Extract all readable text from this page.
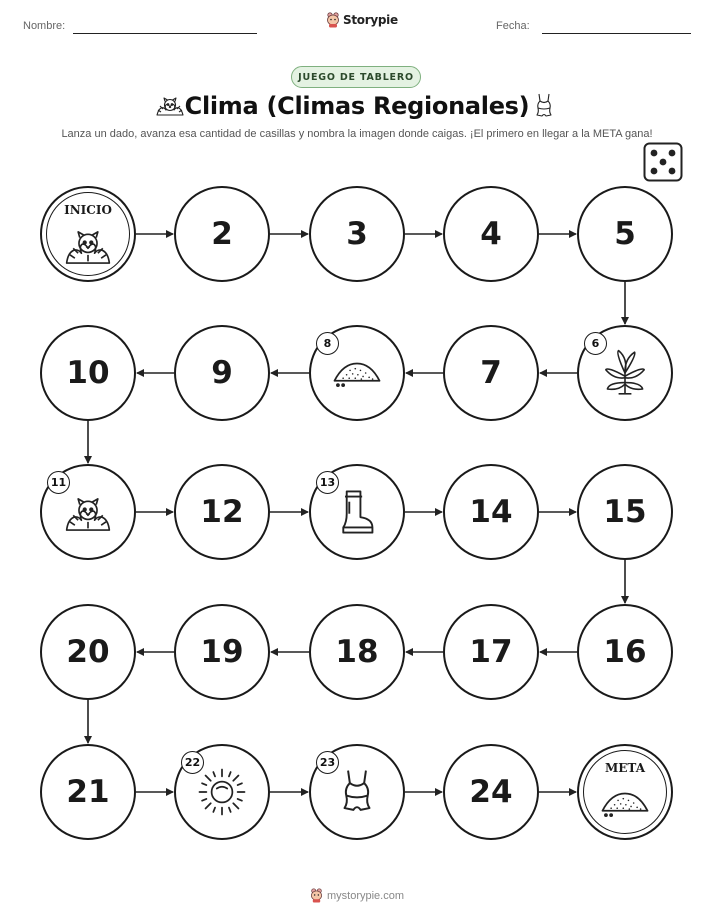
Nombre:	Storypie	Fecha:
JUEGO DE TABLERO
Clima (Climas Regionales)
Lanza un dado, avanza esa cantidad de casillas y nombra la imagen donde caigas. ¡El primero en llegar a la META gana!
INICIO
2	3	4	5
6
7
8
9
10
11
12
13
14	15
16
17
18
19
20
21
22	23
24
META
mystorypie.com
